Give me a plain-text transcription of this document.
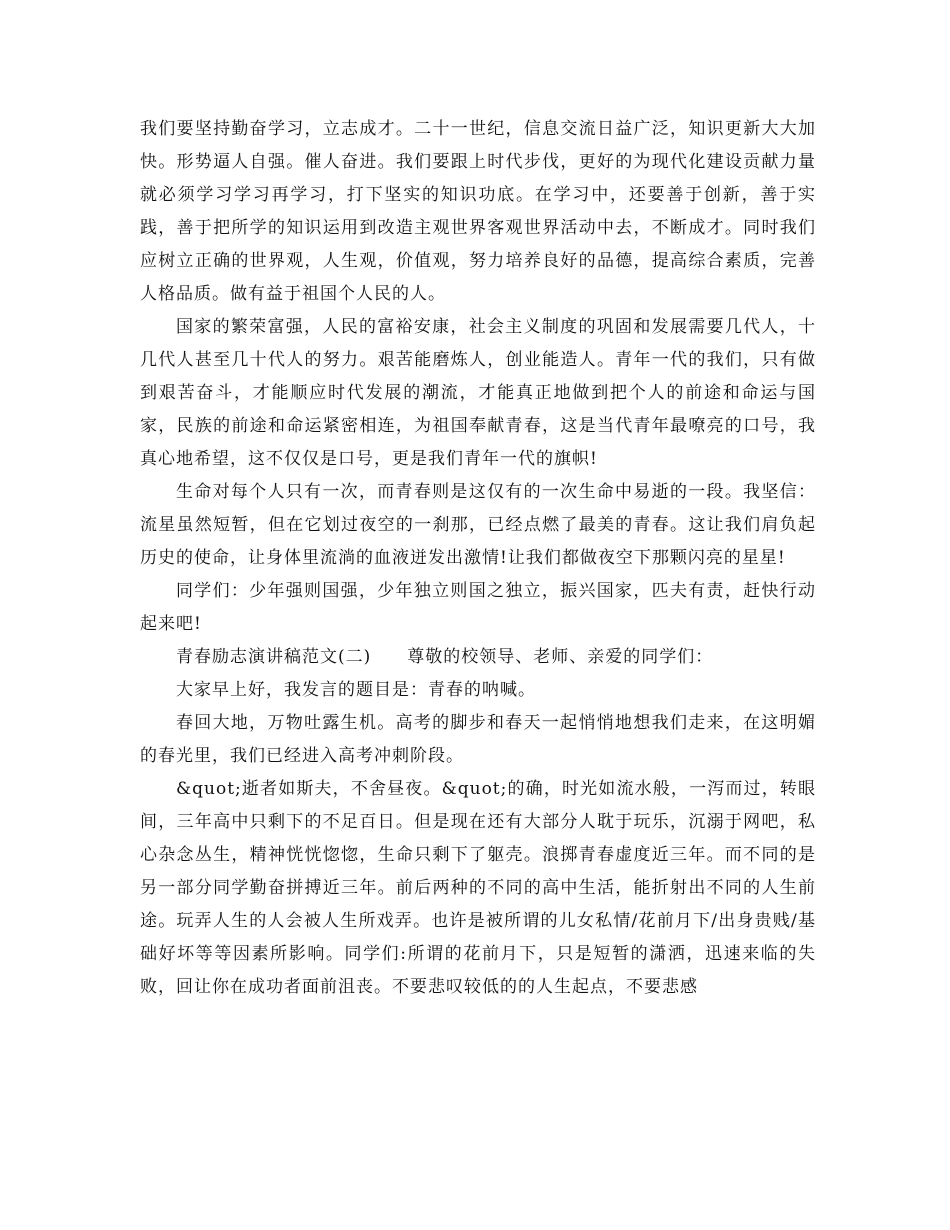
我们要坚持勤奋学习，立志成才。二十一世纪，信息交流日益广泛，知识更新大大加快。形势逼人自强。催人奋进。我们要跟上时代步伐，更好的为现代化建设贡献力量就必须学习学习再学习，打下坚实的知识功底。在学习中，还要善于创新，善于实践，善于把所学的知识运用到改造主观世界客观世界活动中去，不断成才。同时我们应树立正确的世界观，人生观，价值观，努力培养良好的品德，提高综合素质，完善人格品质。做有益于祖国个人民的人。

国家的繁荣富强，人民的富裕安康，社会主义制度的巩固和发展需要几代人，十几代人甚至几十代人的努力。艰苦能磨炼人，创业能造人。青年一代的我们，只有做到艰苦奋斗，才能顺应时代发展的潮流，才能真正地做到把个人的前途和命运与国家，民族的前途和命运紧密相连，为祖国奉献青春，这是当代青年最嘹亮的口号，我真心地希望，这不仅仅是口号，更是我们青年一代的旗帜!

生命对每个人只有一次，而青春则是这仅有的一次生命中易逝的一段。我坚信：流星虽然短暂，但在它划过夜空的一刹那，已经点燃了最美的青春。这让我们肩负起历史的使命，让身体里流淌的血液迸发出激情!让我们都做夜空下那颗闪亮的星星!

同学们：少年强则国强，少年独立则国之独立，振兴国家，匹夫有责，赶快行动起来吧!

青春励志演讲稿范文(二)　　尊敬的校领导、老师、亲爱的同学们：

大家早上好，我发言的题目是：青春的呐喊。

春回大地，万物吐露生机。高考的脚步和春天一起悄悄地想我们走来，在这明媚的春光里，我们已经进入高考冲刺阶段。

&quot;逝者如斯夫，不舍昼夜。&quot;的确，时光如流水般，一泻而过，转眼间，三年高中只剩下的不足百日。但是现在还有大部分人耽于玩乐，沉溺于网吧，私心杂念丛生，精神恍恍惚惚，生命只剩下了躯壳。浪掷青春虚度近三年。而不同的是另一部分同学勤奋拼搏近三年。前后两种的不同的高中生活，能折射出不同的人生前途。玩弄人生的人会被人生所戏弄。也许是被所谓的儿女私情/花前月下/出身贵贱/基础好坏等等因素所影响。同学们:所谓的花前月下，只是短暂的潇洒，迅速来临的失败，回让你在成功者面前沮丧。不要悲叹较低的的人生起点，不要悲感
